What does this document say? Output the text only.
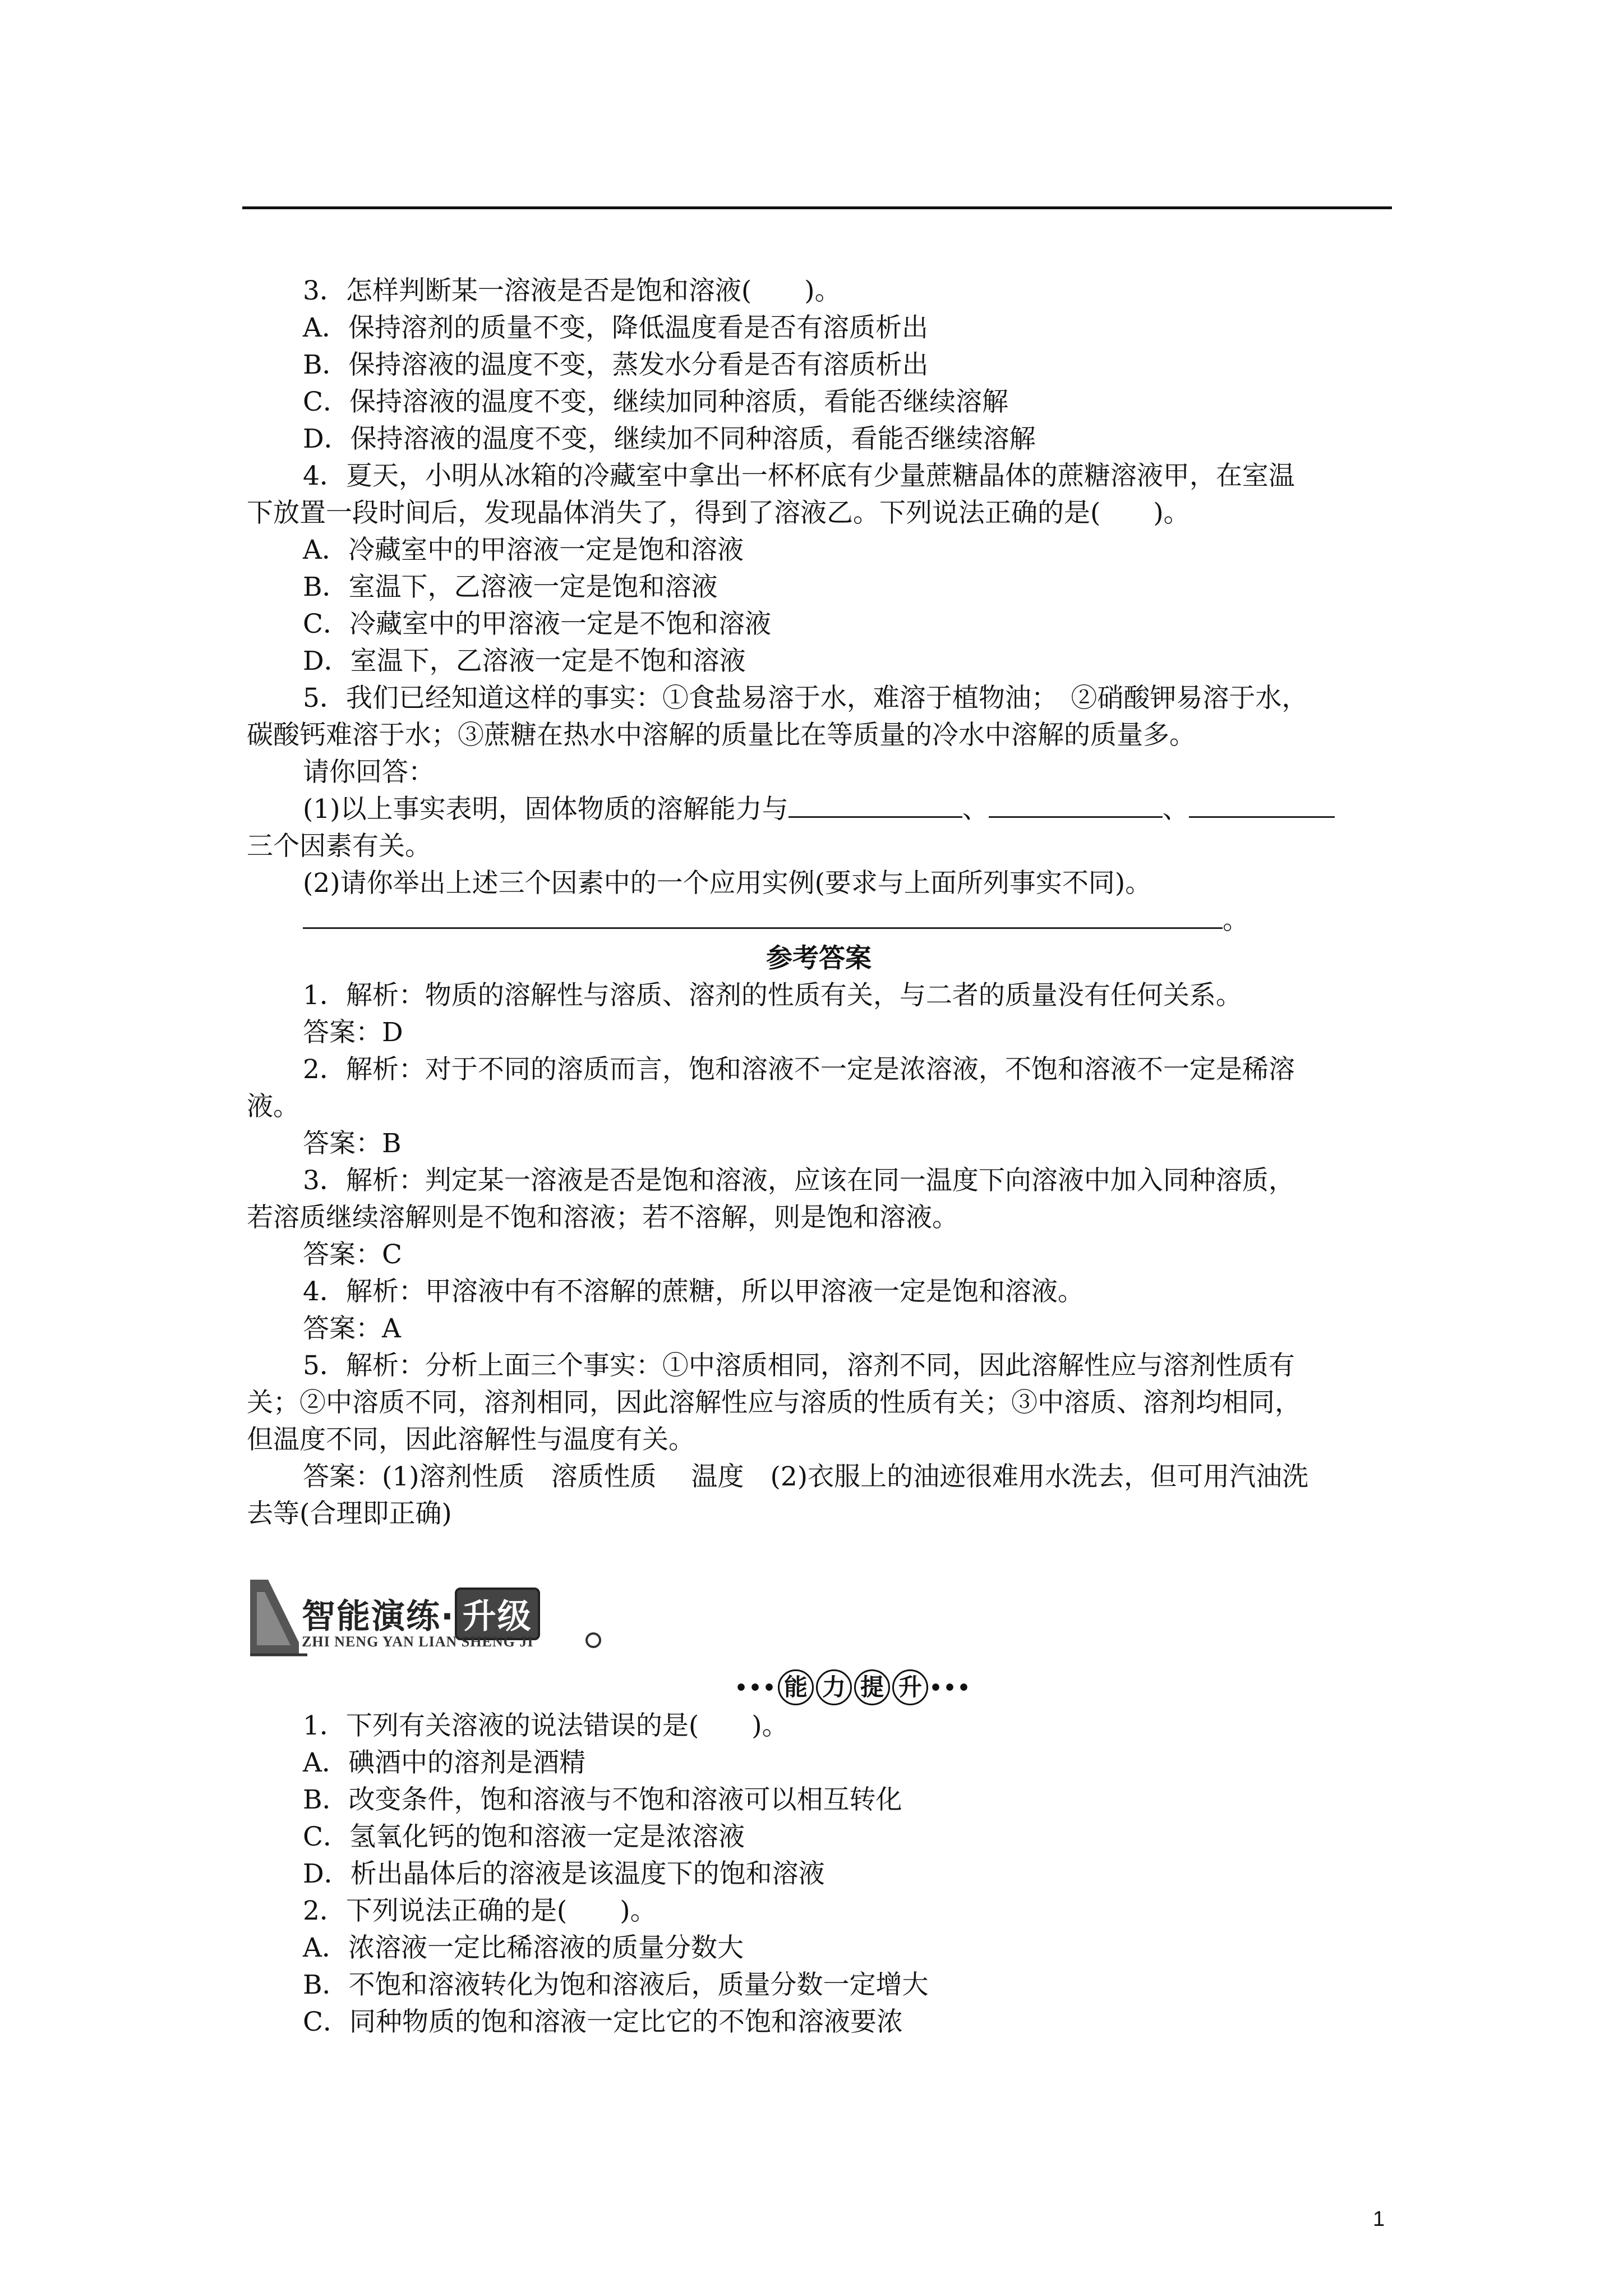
3．怎样判断某一溶液是否是饱和溶液(　　)。
A．保持溶剂的质量不变，降低温度看是否有溶质析出
B．保持溶液的温度不变，蒸发水分看是否有溶质析出
C．保持溶液的温度不变，继续加同种溶质，看能否继续溶解
D．保持溶液的温度不变，继续加不同种溶质，看能否继续溶解
4．夏天，小明从冰箱的冷藏室中拿出一杯杯底有少量蔗糖晶体的蔗糖溶液甲，在室温
下放置一段时间后，发现晶体消失了，得到了溶液乙。下列说法正确的是(　　)。
A．冷藏室中的甲溶液一定是饱和溶液
B．室温下，乙溶液一定是饱和溶液
C．冷藏室中的甲溶液一定是不饱和溶液
D．室温下，乙溶液一定是不饱和溶液
5．我们已经知道这样的事实：①食盐易溶于水，难溶于植物油；　②硝酸钾易溶于水，
碳酸钙难溶于水；③蔗糖在热水中溶解的质量比在等质量的冷水中溶解的质量多。
请你回答：
(1)以上事实表明，固体物质的溶解能力与	、	、
三个因素有关。
(2)请你举出上述三个因素中的一个应用实例(要求与上面所列事实不同)。
。
参考答案
1．解析：物质的溶解性与溶质、溶剂的性质有关，与二者的质量没有任何关系。
答案：D
2．解析：对于不同的溶质而言，饱和溶液不一定是浓溶液，不饱和溶液不一定是稀溶
液。
答案：B
3．解析：判定某一溶液是否是饱和溶液，应该在同一温度下向溶液中加入同种溶质，
若溶质继续溶解则是不饱和溶液；若不溶解，则是饱和溶液。
答案：C
4．解析：甲溶液中有不溶解的蔗糖，所以甲溶液一定是饱和溶液。
答案：A
5．解析：分析上面三个事实：①中溶质相同，溶剂不同，因此溶解性应与溶剂性质有
关；②中溶质不同，溶剂相同，因此溶解性应与溶质的性质有关；③中溶质、溶剂均相同，
但温度不同，因此溶解性与温度有关。
答案：(1)溶剂性质　溶质性质　 温度　(2)衣服上的油迹很难用水洗去，但可用汽油洗
去等(合理即正确)
智能演练· 升级
ZHI NENG YAN LIAN SHENG JI
••• 能 力 提 升 •••
1．下列有关溶液的说法错误的是(　　)。
A．碘酒中的溶剂是酒精
B．改变条件，饱和溶液与不饱和溶液可以相互转化
C．氢氧化钙的饱和溶液一定是浓溶液
D．析出晶体后的溶液是该温度下的饱和溶液
2．下列说法正确的是(　　)。
A．浓溶液一定比稀溶液的质量分数大
B．不饱和溶液转化为饱和溶液后，质量分数一定增大
C．同种物质的饱和溶液一定比它的不饱和溶液要浓
1
